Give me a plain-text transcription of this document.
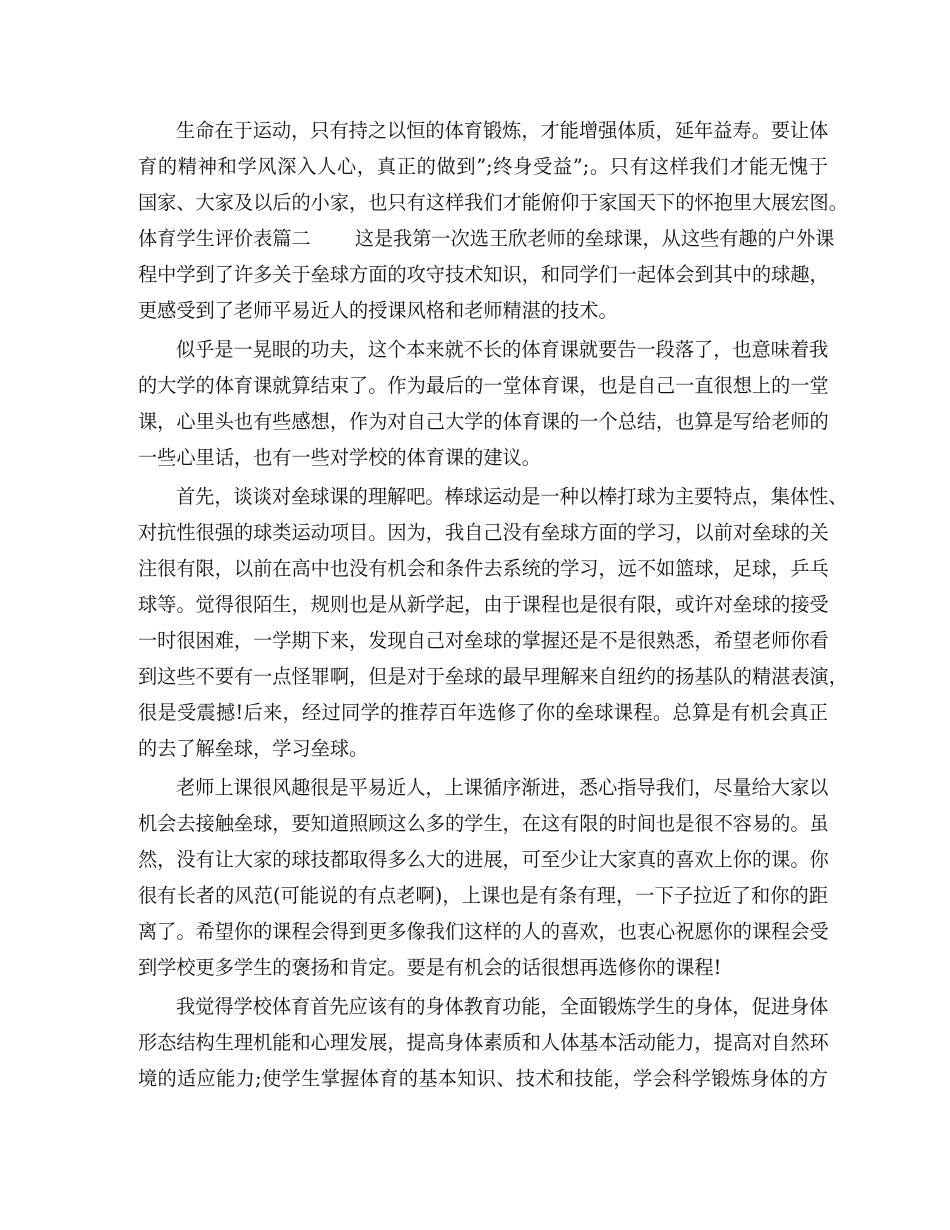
生命在于运动，只有持之以恒的体育锻炼，才能增强体质，延年益寿。要让体
育的精神和学风深入人心，真正的做到”;终身受益”;。只有这样我们才能无愧于
国家、大家及以后的小家，也只有这样我们才能俯仰于家国天下的怀抱里大展宏图。
体育学生评价表篇二 这是我第一次选王欣老师的垒球课，从这些有趣的户外课
程中学到了许多关于垒球方面的攻守技术知识，和同学们一起体会到其中的球趣，
更感受到了老师平易近人的授课风格和老师精湛的技术。
似乎是一晃眼的功夫，这个本来就不长的体育课就要告一段落了，也意味着我
的大学的体育课就算结束了。作为最后的一堂体育课，也是自己一直很想上的一堂
课，心里头也有些感想，作为对自己大学的体育课的一个总结，也算是写给老师的
一些心里话，也有一些对学校的体育课的建议。
首先，谈谈对垒球课的理解吧。棒球运动是一种以棒打球为主要特点，集体性、
对抗性很强的球类运动项目。因为，我自己没有垒球方面的学习，以前对垒球的关
注很有限，以前在高中也没有机会和条件去系统的学习，远不如篮球，足球，乒乓
球等。觉得很陌生，规则也是从新学起，由于课程也是很有限，或许对垒球的接受
一时很困难，一学期下来，发现自己对垒球的掌握还是不是很熟悉，希望老师你看
到这些不要有一点怪罪啊，但是对于垒球的最早理解来自纽约的扬基队的精湛表演，
很是受震撼!后来，经过同学的推荐百年选修了你的垒球课程。总算是有机会真正
的去了解垒球，学习垒球。
老师上课很风趣很是平易近人，上课循序渐进，悉心指导我们，尽量给大家以
机会去接触垒球，要知道照顾这么多的学生，在这有限的时间也是很不容易的。虽
然，没有让大家的球技都取得多么大的进展，可至少让大家真的喜欢上你的课。你
很有长者的风范(可能说的有点老啊)，上课也是有条有理，一下子拉近了和你的距
离了。希望你的课程会得到更多像我们这样的人的喜欢，也衷心祝愿你的课程会受
到学校更多学生的褒扬和肯定。要是有机会的话很想再选修你的课程!
我觉得学校体育首先应该有的身体教育功能，全面锻炼学生的身体，促进身体
形态结构生理机能和心理发展，提高身体素质和人体基本活动能力，提高对自然环
境的适应能力;使学生掌握体育的基本知识、技术和技能，学会科学锻炼身体的方
